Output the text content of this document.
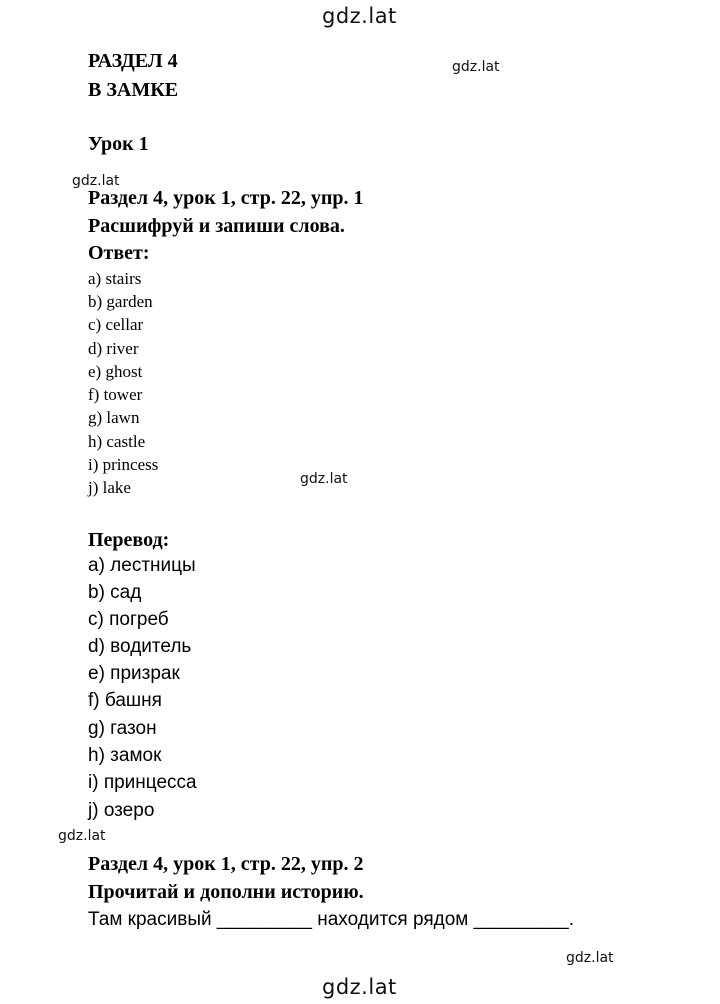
gdz.lat
gdz.lat
gdz.lat
gdz.lat
gdz.lat
gdz.lat
gdz.lat
РАЗДЕЛ 4
В ЗАМКЕ
Урок 1
Раздел 4, урок 1, стр. 22, упр. 1
Расшифруй и запиши слова.
Ответ:
a) stairs
b) garden
c) cellar
d) river
e) ghost
f) tower
g) lawn
h) castle
i) princess
j) lake
Перевод:
а) лестницы
b) сад
c) погреб
d) водитель
e) призрак
f) башня
g) газон
h) замок
i) принцесса
j) озеро
Раздел 4, урок 1, стр. 22, упр. 2
Прочитай и дополни историю.
Там красивый _________ находится рядом _________.
